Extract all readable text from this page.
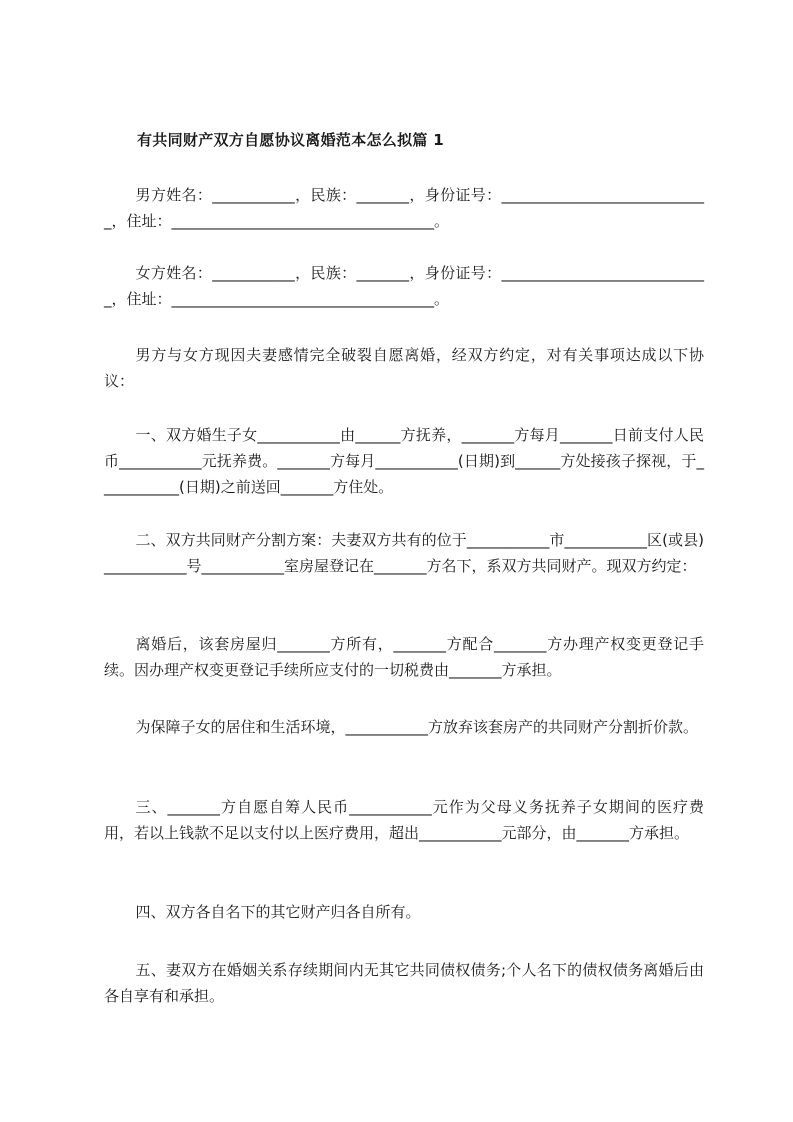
有共同财产双方自愿协议离婚范本怎么拟篇 1

男方姓名：___________，民族：_______，身份证号：____________________________，住址：___________________________________。

女方姓名：___________，民族：_______，身份证号：____________________________，住址：___________________________________。

男方与女方现因夫妻感情完全破裂自愿离婚，经双方约定，对有关事项达成以下协议：

一、双方婚生子女___________由______方抚养，_______方每月_______日前支付人民币___________元抚养费。_______方每月___________(日期)到______方处接孩子探视，于___________(日期)之前送回_______方住处。

二、双方共同财产分割方案：夫妻双方共有的位于___________市___________区(或县)___________号___________室房屋登记在_______方名下，系双方共同财产。现双方约定：

离婚后，该套房屋归_______方所有，_______方配合_______方办理产权变更登记手续。因办理产权变更登记手续所应支付的一切税费由_______方承担。

为保障子女的居住和生活环境，___________方放弃该套房产的共同财产分割折价款。

三、_______方自愿自筹人民币___________元作为父母义务抚养子女期间的医疗费用，若以上钱款不足以支付以上医疗费用，超出___________元部分，由_______方承担。

四、双方各自名下的其它财产归各自所有。

五、妻双方在婚姻关系存续期间内无其它共同债权债务;个人名下的债权债务离婚后由各自享有和承担。
